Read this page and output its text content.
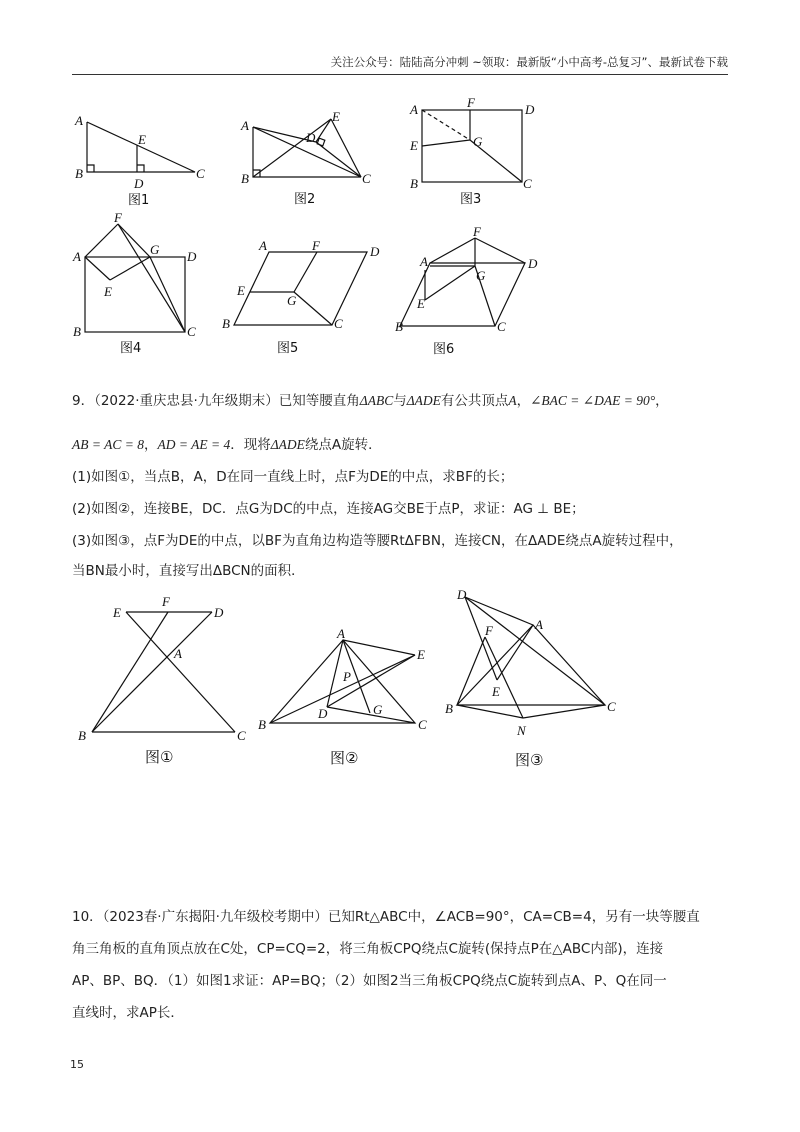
关注公众号：陆陆高分冲刺 ~领取：最新版“小中高考-总复习”、最新试卷下载
A
B	C
E
D
图1
A
B	C
E
D
图2
A
E
B
F	D
G
C
图3
A
F
G D
E
B	C
图4
A	F	D
E
G
B	C
图5
A
F
D
G
E
B	C
图6
9．（2022·重庆忠县·九年级期末）已知等腰直角ΔABC与ΔADE有公共顶点A，∠BAC = ∠DAE = 90°，
AB = AC = 8，AD = AE = 4．现将ΔADE绕点A旋转．
(1)如图①，当点B，A，D在同一直线上时，点F为DE的中点，求BF的长；
(2)如图②，连接BE，DC．点G为DC的中点，连接AG交BE于点P，求证：AG ⊥ BE；
(3)如图③，点F为DE的中点，以BF为直角边构造等腰RtΔFBN，连接CN，在ΔADE绕点A旋转过程中，
当BN最小时，直接写出ΔBCN的面积．
E
F
D
A
B	C
图①
A
E
P
D	G
B	C
图②
D
F	A
E
B	C
N
图③
10．（2023春·广东揭阳·九年级校考期中）已知Rt△ABC中，∠ACB=90°，CA=CB=4，另有一块等腰直
角三角板的直角顶点放在C处，CP=CQ=2，将三角板CPQ绕点C旋转(保持点P在△ABC内部)，连接
AP、BP、BQ．（1）如图1求证：AP=BQ；（2）如图2当三角板CPQ绕点C旋转到点A、P、Q在同一
直线时，求AP长．
15
